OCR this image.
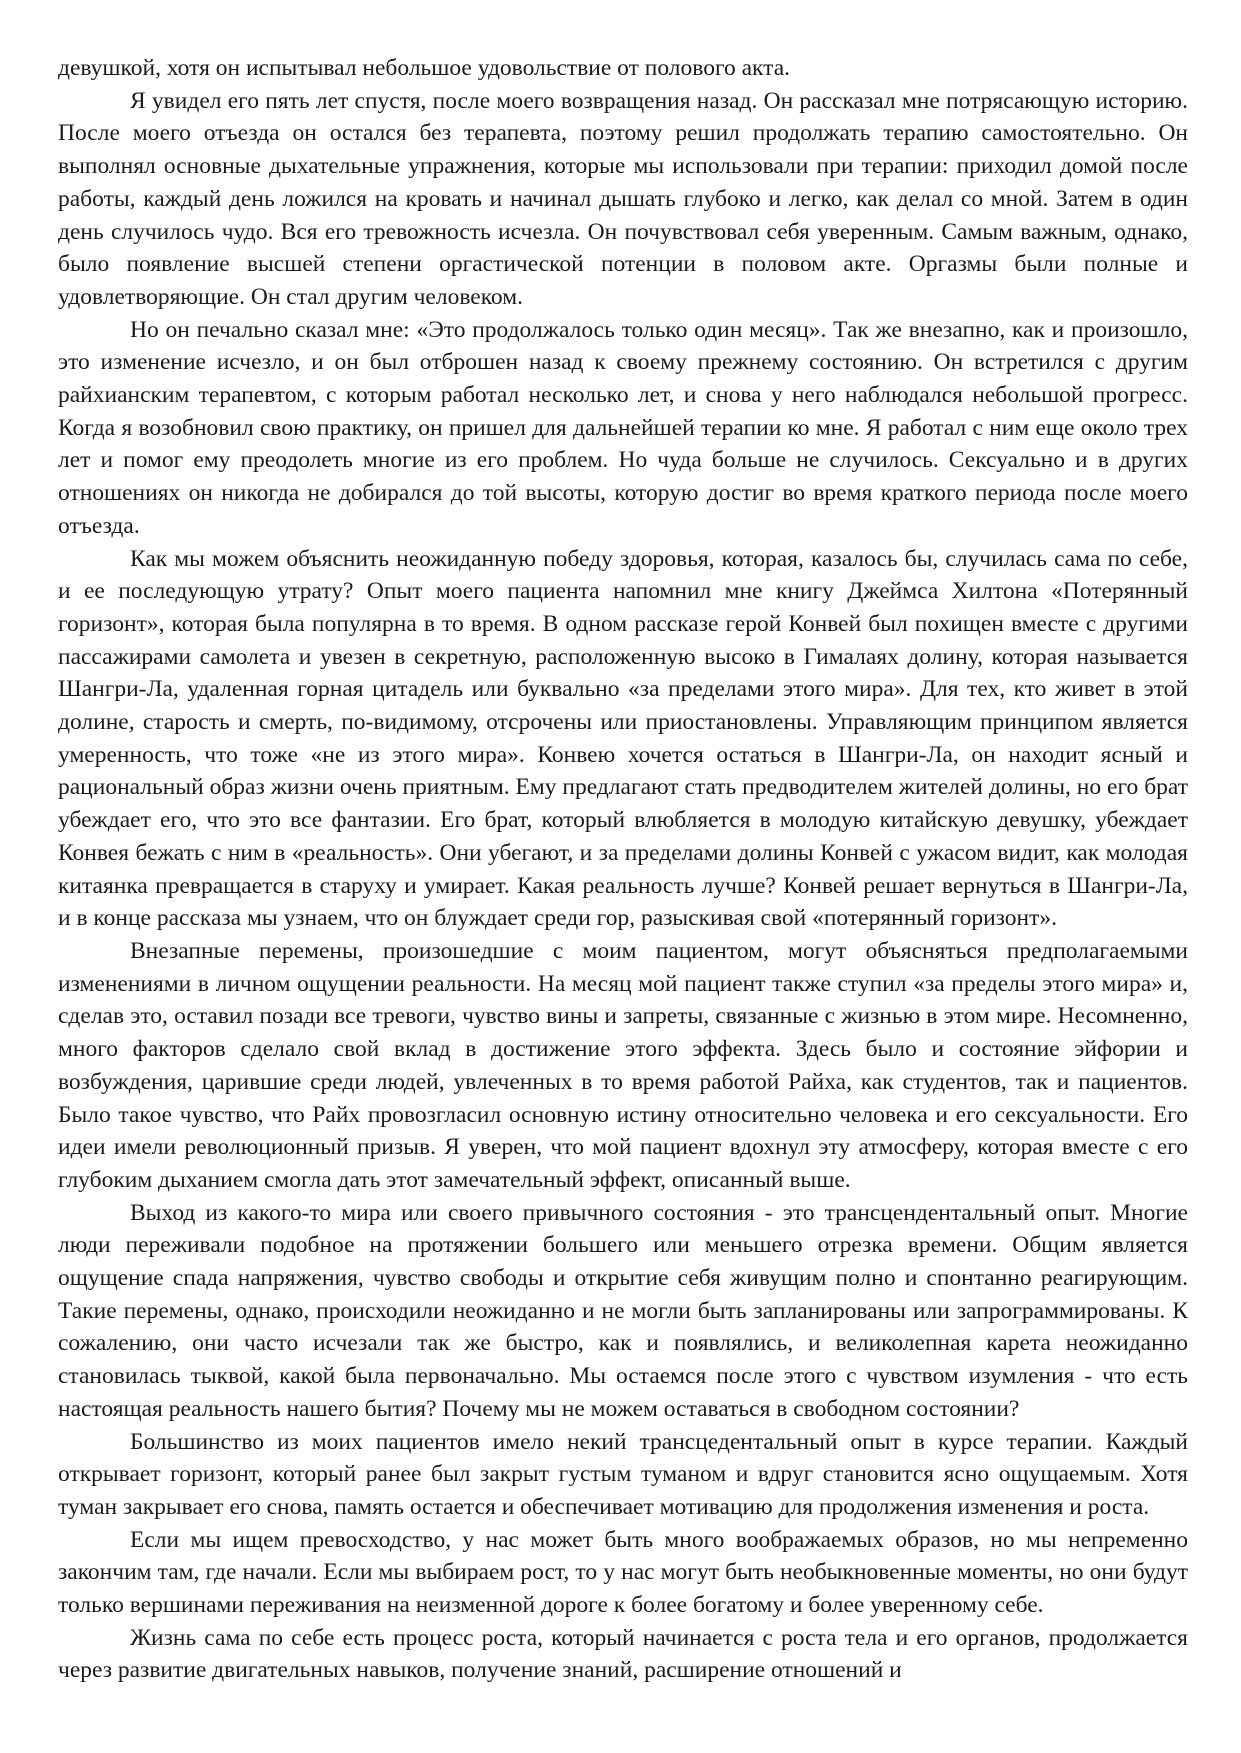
девушкой, хотя он испытывал небольшое удовольствие от полового акта.

Я увидел его пять лет спустя, после моего возвращения назад. Он рассказал мне потрясающую историю. После моего отъезда он остался без терапевта, поэтому решил продолжать терапию самостоятельно. Он выполнял основные дыхательные упражнения, которые мы использовали при терапии: приходил домой после работы, каждый день ложился на кровать и начинал дышать глубоко и легко, как делал со мной. Затем в один день случилось чудо. Вся его тревожность исчезла. Он почувствовал себя уверенным. Самым важным, однако, было появление высшей степени оргастической потенции в половом акте. Оргазмы были полные и удовлетворяющие. Он стал другим человеком.

Но он печально сказал мне: «Это продолжалось только один месяц». Так же внезапно, как и произошло, это изменение исчезло, и он был отброшен назад к своему прежнему состоянию. Он встретился с другим райхианским терапевтом, с которым работал несколько лет, и снова у него наблюдался небольшой прогресс. Когда я возобновил свою практику, он пришел для дальнейшей терапии ко мне. Я работал с ним еще около трех лет и помог ему преодолеть многие из его проблем. Но чуда больше не случилось. Сексуально и в других отношениях он никогда не добирался до той высоты, которую достиг во время краткого периода после моего отъезда.

Как мы можем объяснить неожиданную победу здоровья, которая, казалось бы, случилась сама по себе, и ее последующую утрату? Опыт моего пациента напомнил мне книгу Джеймса Хилтона «Потерянный горизонт», которая была популярна в то время. В одном рассказе герой Конвей был похищен вместе с другими пассажирами самолета и увезен в секретную, расположенную высоко в Гималаях долину, которая называется Шангри-Ла, удаленная горная цитадель или буквально «за пределами этого мира». Для тех, кто живет в этой долине, старость и смерть, по-видимому, отсрочены или приостановлены. Управляющим принципом является умеренность, что тоже «не из этого мира». Конвею хочется остаться в Шангри-Ла, он находит ясный и рациональный образ жизни очень приятным. Ему предлагают стать предводителем жителей долины, но его брат убеждает его, что это все фантазии. Его брат, который влюбляется в молодую китайскую девушку, убеждает Конвея бежать с ним в «реальность». Они убегают, и за пределами долины Конвей с ужасом видит, как молодая китаянка превращается в старуху и умирает. Какая реальность лучше? Конвей решает вернуться в Шангри-Ла, и в конце рассказа мы узнаем, что он блуждает среди гор, разыскивая свой «потерянный горизонт».

Внезапные перемены, произошедшие с моим пациентом, могут объясняться предполагаемыми изменениями в личном ощущении реальности. На месяц мой пациент также ступил «за пределы этого мира» и, сделав это, оставил позади все тревоги, чувство вины и запреты, связанные с жизнью в этом мире. Несомненно, много факторов сделало свой вклад в достижение этого эффекта. Здесь было и состояние эйфории и возбуждения, царившие среди людей, увлеченных в то время работой Райха, как студентов, так и пациентов. Было такое чувство, что Райх провозгласил основную истину относительно человека и его сексуальности. Его идеи имели революционный призыв. Я уверен, что мой пациент вдохнул эту атмосферу, которая вместе с его глубоким дыханием смогла дать этот замечательный эффект, описанный выше.

Выход из какого-то мира или своего привычного состояния - это трансцендентальный опыт. Многие люди переживали подобное на протяжении большего или меньшего отрезка времени. Общим является ощущение спада напряжения, чувство свободы и открытие себя живущим полно и спонтанно реагирующим. Такие перемены, однако, происходили неожиданно и не могли быть запланированы или запрограммированы. К сожалению, они часто исчезали так же быстро, как и появлялись, и великолепная карета неожиданно становилась тыквой, какой была первоначально. Мы остаемся после этого с чувством изумления - что есть настоящая реальность нашего бытия? Почему мы не можем оставаться в свободном состоянии?

Большинство из моих пациентов имело некий трансцедентальный опыт в курсе терапии. Каждый открывает горизонт, который ранее был закрыт густым туманом и вдруг становится ясно ощущаемым. Хотя туман закрывает его снова, память остается и обеспечивает мотивацию для продолжения изменения и роста.

Если мы ищем превосходство, у нас может быть много воображаемых образов, но мы непременно закончим там, где начали. Если мы выбираем рост, то у нас могут быть необыкновенные моменты, но они будут только вершинами переживания на неизменной дороге к более богатому и более уверенному себе.

Жизнь сама по себе есть процесс роста, который начинается с роста тела и его органов, продолжается через развитие двигательных навыков, получение знаний, расширение отношений и
